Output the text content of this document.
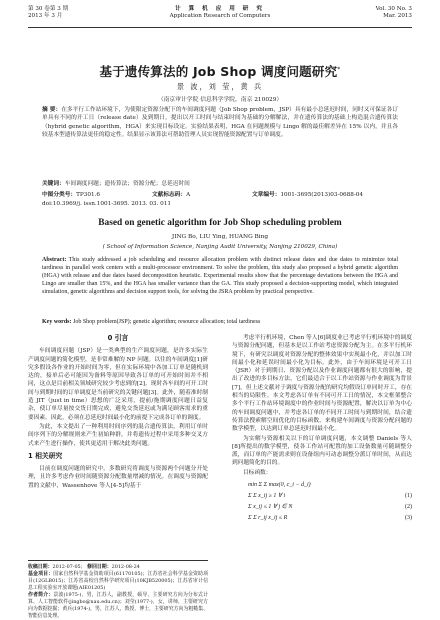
第 30 卷第 3 期
2013 年 3 月
计 算 机 应 用 研 究
Application Research of Computers
Vol. 30 No. 3
Mar. 2013
基于遗传算法的 Job Shop 调度问题研究*
景 波，刘 莹，黄 兵
（南京审计学院 信息科学学院，南京 210029）
摘 要：在多平行工作站环境下，为使限定资源分配下的车间调度问题（Job Shop problem，JSP）具有最小总延迟时间，同时又可保证各订单具有不同的开工日（release date）及到期日，提出以开工时间与结束时间为基础的分解解法，并在遗传算法的基础上构造混合遗传算法（hybrid genetic algorithm，HGA）来实现目标设定。实验结果表明，HGA 在问题规模与 Lingo 解的最佳解差异在 15% 以内，并且各较基本型遗传算法更佳的稳定性。结果显示该算法可帮助管理人员实现智能资源配置与订单调度。
关键词：车间调度问题；遗传算法；资源分配；总延迟时间
中图分类号：TP301.6	文献标志码：A	文章编号：1001-3695(2013)03-0688-04
doi:10.3969/j. issn.1001-3695. 2013. 03. 011
Based on genetic algorithm for Job Shop scheduling problem
JING Bo, LIU Ying, HUANG Bing
( School of Information Science, Nanjing Audit University, Nanjing 210029, China)
Abstract: This study addressed a job scheduling and resource allocation problem with distinct release dates and due dates to minimize total tardiness in parallel work centers with a multi-processor environment. To solve the problem, this study also proposed a hybrid genetic algorithm (HGA) with release and due dates based decomposition heuristic. Experimental results show that the percentage deviations between the HGA and Lingo are smaller than 15%, and the HGA has smaller variance than the GA. This study proposed a decision-supporting model, which integrated simulation, genetic algorithms and decision support tools, for solving the JSRA problem by practical perspective.
Key words: Job Shop problem(JSP); genetic algorithm; resource allocation; total tardiness
0 引言

车间调度问题（JSP）是一类典型的生产调度问题，是许多实际生产调度问题的简化模型，是非常难解的 NP 问题。以往的车间调度[1]研究多假设各作业的开始时间为零，但在实际环境中各加工订单是随机到达的，接单后必可能因为备料等原因导致各订单的可开始时间并不相同，这点是目前相关领域研究较少考虑到的[2]。现时各车间的可开工时间与到期时间的订单调度是当前研究的关键问题[3]。此外，随着准时制造 JIT（just in time）思想的广泛采用，提前/拖期调度问题日益复杂，使订单尽量按交货日期完成，避免交货延迟或为满足顾客需求的重要因素。因此，必须在总延迟时间最小化的前提下完成各订单的调度。

为此，本文提出了一种利用时间序列的混合遗传算法，利用订单时间序列下的分解规则来产生初始种群，并将遗传过程中采用多种交叉方式来产生进行操作，使其更适用于解决此类问题。

1 相关研究

目前在调度问题的研究中，多数研究将调度与资源两个问题分开处理，且许多考虑作业时间随资源分配数量增减的情况。在调度与资源配置的文献中，Wassenhove 等人[4-5]均基于

收稿日期：2012-07-05； 修回日期：2012-08-24
基金项目：国家自然科学基金资助项目(61170105)；江苏省社会科学基金资助项目(12GLB015)；江苏省高校自然科学研究项目(10KJB520005)；江苏省审计信息工程实验室开放课题(AIE01205)
作者简介：景波(1975-)，男，江苏人，副教授，硕导，主要研究方向为分布式计算、人工智能软件(jingbo@nau.edu.cn)；刘莹(1977-)，女，讲师，主要研究方向为数据挖掘；黄兵(1974-)，男，江苏人，教授，博士，主要研究方向为粗糙集、智能信息处理。

考虑平行机环境，Chen 等人[6]调度业已考虑平行机环境中的调度与资源分配问题，但基本是以工作站考虑资源分配为主。在多平行机环境下，有研究以调度对资源分配的整体效果中实现最小化，并以加工时间最小化和延误时间最小化为目标。此外，由于车间环境是可开工日（JSR）对于到期日、资源分配以及作业调度问题都有很大的影响，提出了改进的多目标方法，它们最适合于以工作站资源与作业调度为背景[7]，但上述文献对于调度与资源分配的研究均假设订单同时开工，存在相当的局限性。本文考虑各订单有不同可开工日的情况，本文框架整合多个平行工作站环境调度中的作业时间与资源配置，解决以订单为中心的车间调度问题中，并考虑各订单的不同开工时间与到期时间，结合遗传算法搜索解空间优化的目标函数，来构建车间调度与资源分配问题的数学模型，以达到订单总延迟时间最小化。

为实解与资源相关以下的订单调度问题，本文调整 Daniels 等人[8]所提出的数学模型，使各工作站可配置的加工设备数量可随调整分派，而订单的产能需求则在设备组内可动态调整分派订单时间，从而达到问题简化的目的。

目标函数：

min Σ Σ max(0, c_i − d_i)
Σ Σ x_ij ≥ 1 ∀ i	(1)
Σ x_ij ≤ 1 ∀ j ∈ N	(2)
Σ Σ r_ij x_ij ≤ R	(3)
